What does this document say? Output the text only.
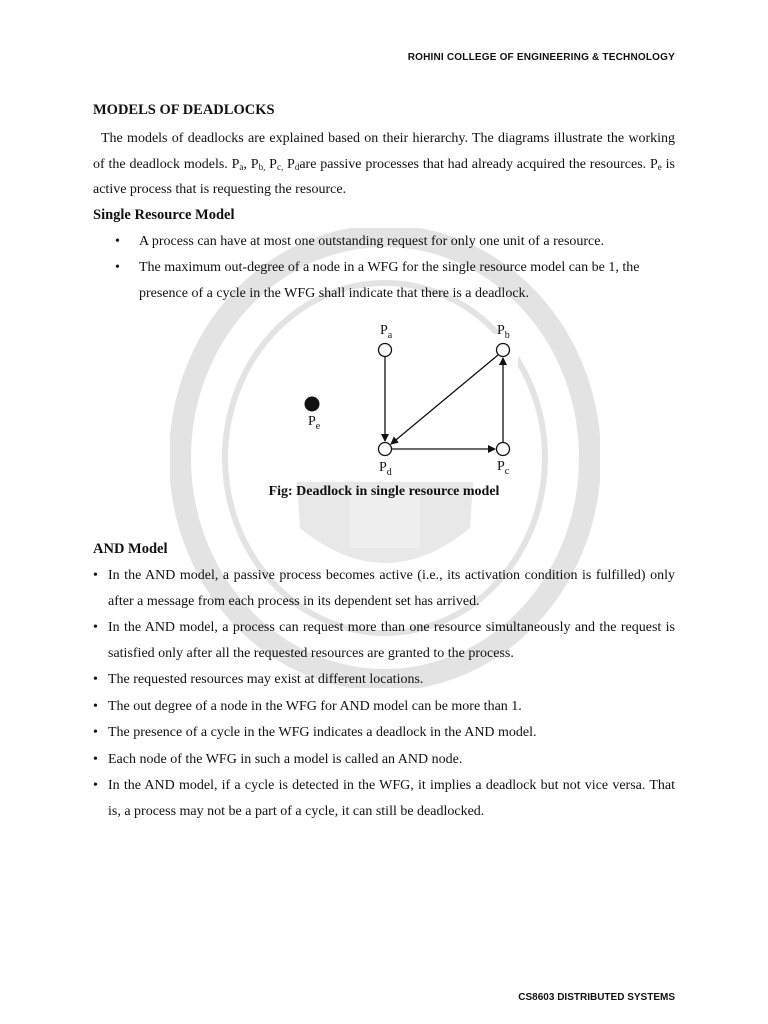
ROHINI COLLEGE OF ENGINEERING & TECHNOLOGY
MODELS OF DEADLOCKS

The models of deadlocks are explained based on their hierarchy. The diagrams illustrate the working of the deadlock models. $P_a$, $P_{b,}$ $P_{c,}$ $P_dare$ passive processes that had already acquired the resources. $P_e$ is active process that is requesting the resource.

Single Resource Model
• A process can have at most one outstanding request for only one unit of a resource.
• The maximum out-degree of a node in a WFG for the single resource model can be 1, the presence of a cycle in the WFG shall indicate that there is a deadlock.
$P_a$	$P_b$
$P_e$
$P_d$	$P_c$
Fig: Deadlock in single resource model
AND Model
• In the AND model, a passive process becomes active (i.e., its activation condition is fulfilled) only after a message from each process in its dependent set has arrived.
• In the AND model, a process can request more than one resource simultaneously and the request is satisfied only after all the requested resources are granted to the process.
• The requested resources may exist at different locations.
• The out degree of a node in the WFG for AND model can be more than 1.
• The presence of a cycle in the WFG indicates a deadlock in the AND model.
• Each node of the WFG in such a model is called an AND node.
• In the AND model, if a cycle is detected in the WFG, it implies a deadlock but not vice versa. That is, a process may not be a part of a cycle, it can still be deadlocked.
CS8603 DISTRIBUTED SYSTEMS
